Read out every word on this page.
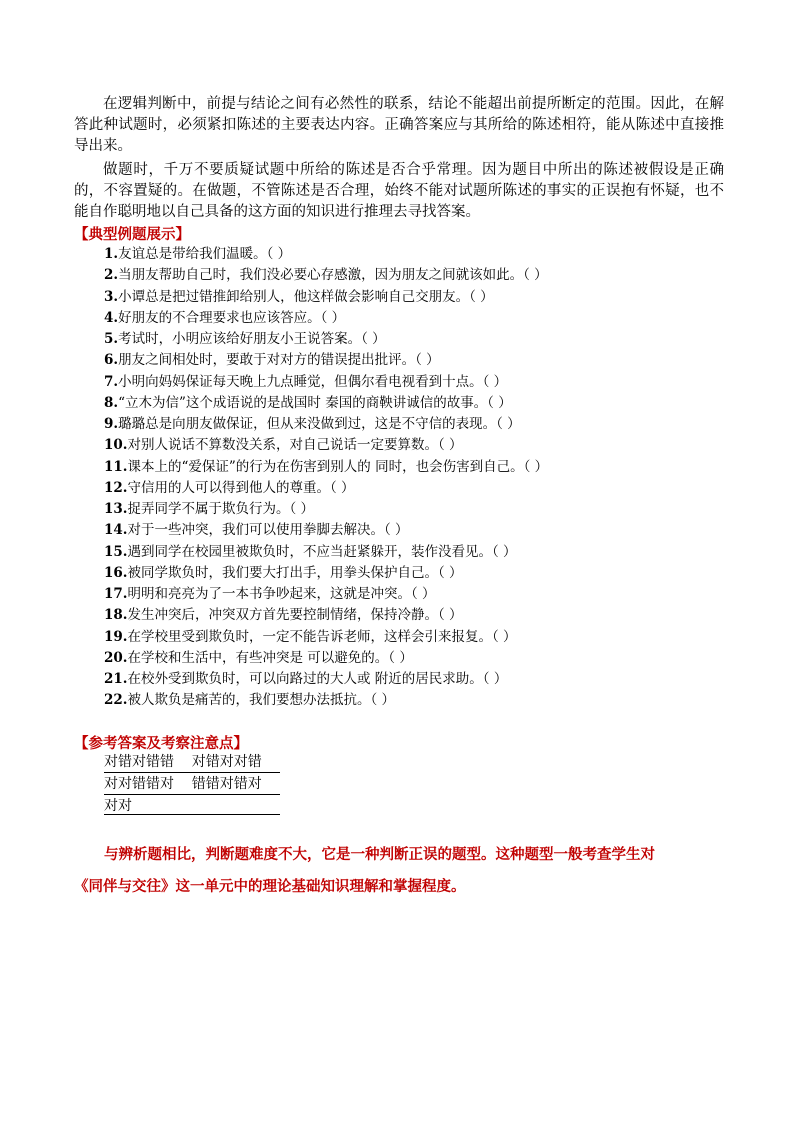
在逻辑判断中，前提与结论之间有必然性的联系，结论不能超出前提所断定的范围。因此，在解答此种试题时，必须紧扣陈述的主要表达内容。正确答案应与其所给的陈述相符，能从陈述中直接推导出来。
做题时，千万不要质疑试题中所给的陈述是否合乎常理。因为题目中所出的陈述被假设是正确的，不容置疑的。在做题，不管陈述是否合理，始终不能对试题所陈述的事实的正误抱有怀疑，也不能自作聪明地以自己具备的这方面的知识进行推理去寻找答案。
【典型例题展示】
1.友谊总是带给我们温暖。（ ）
2.当朋友帮助自己时，我们没必要心存感激，因为朋友之间就该如此。（ ）
3.小谭总是把过错推卸给别人，他这样做会影响自己交朋友。（ ）
4.好朋友的不合理要求也应该答应。（ ）
5.考试时，小明应该给好朋友小王说答案。（ ）
6.朋友之间相处时，要敢于对对方的错误提出批评。（ ）
7.小明向妈妈保证每天晚上九点睡觉，但偶尔看电视看到十点。（ ）
8.“立木为信”这个成语说的是战国时 秦国的商鞅讲诚信的故事。（ ）
9.璐璐总是向朋友做保证，但从来没做到过，这是不守信的表现。（ ）
10.对别人说话不算数没关系，对自己说话一定要算数。（ ）
11.课本上的“爱保证”的行为在伤害到别人的 同时，也会伤害到自己。（ ）
12.守信用的人可以得到他人的尊重。（ ）
13.捉弄同学不属于欺负行为。（ ）
14.对于一些冲突，我们可以使用拳脚去解决。（ ）
15.遇到同学在校园里被欺负时，不应当赶紧躲开，装作没看见。（ ）
16.被同学欺负时，我们要大打出手，用拳头保护自己。（ ）
17.明明和亮亮为了一本书争吵起来，这就是冲突。（ ）
18.发生冲突后，冲突双方首先要控制情绪，保持冷静。（ ）
19.在学校里受到欺负时，一定不能告诉老师，这样会引来报复。（ ）
20.在学校和生活中，有些冲突是 可以避免的。（ ）
21.在校外受到欺负时，可以向路过的大人或 附近的居民求助。（ ）
22.被人欺负是痛苦的，我们要想办法抵抗。（ ）
【参考答案及考察注意点】
对错对错错    对错对对错
对对错错对    错错对错对
对对
与辨析题相比，判断题难度不大，它是一种判断正误的题型。这种题型一般考查学生对
《同伴与交往》这一单元中的理论基础知识理解和掌握程度。
